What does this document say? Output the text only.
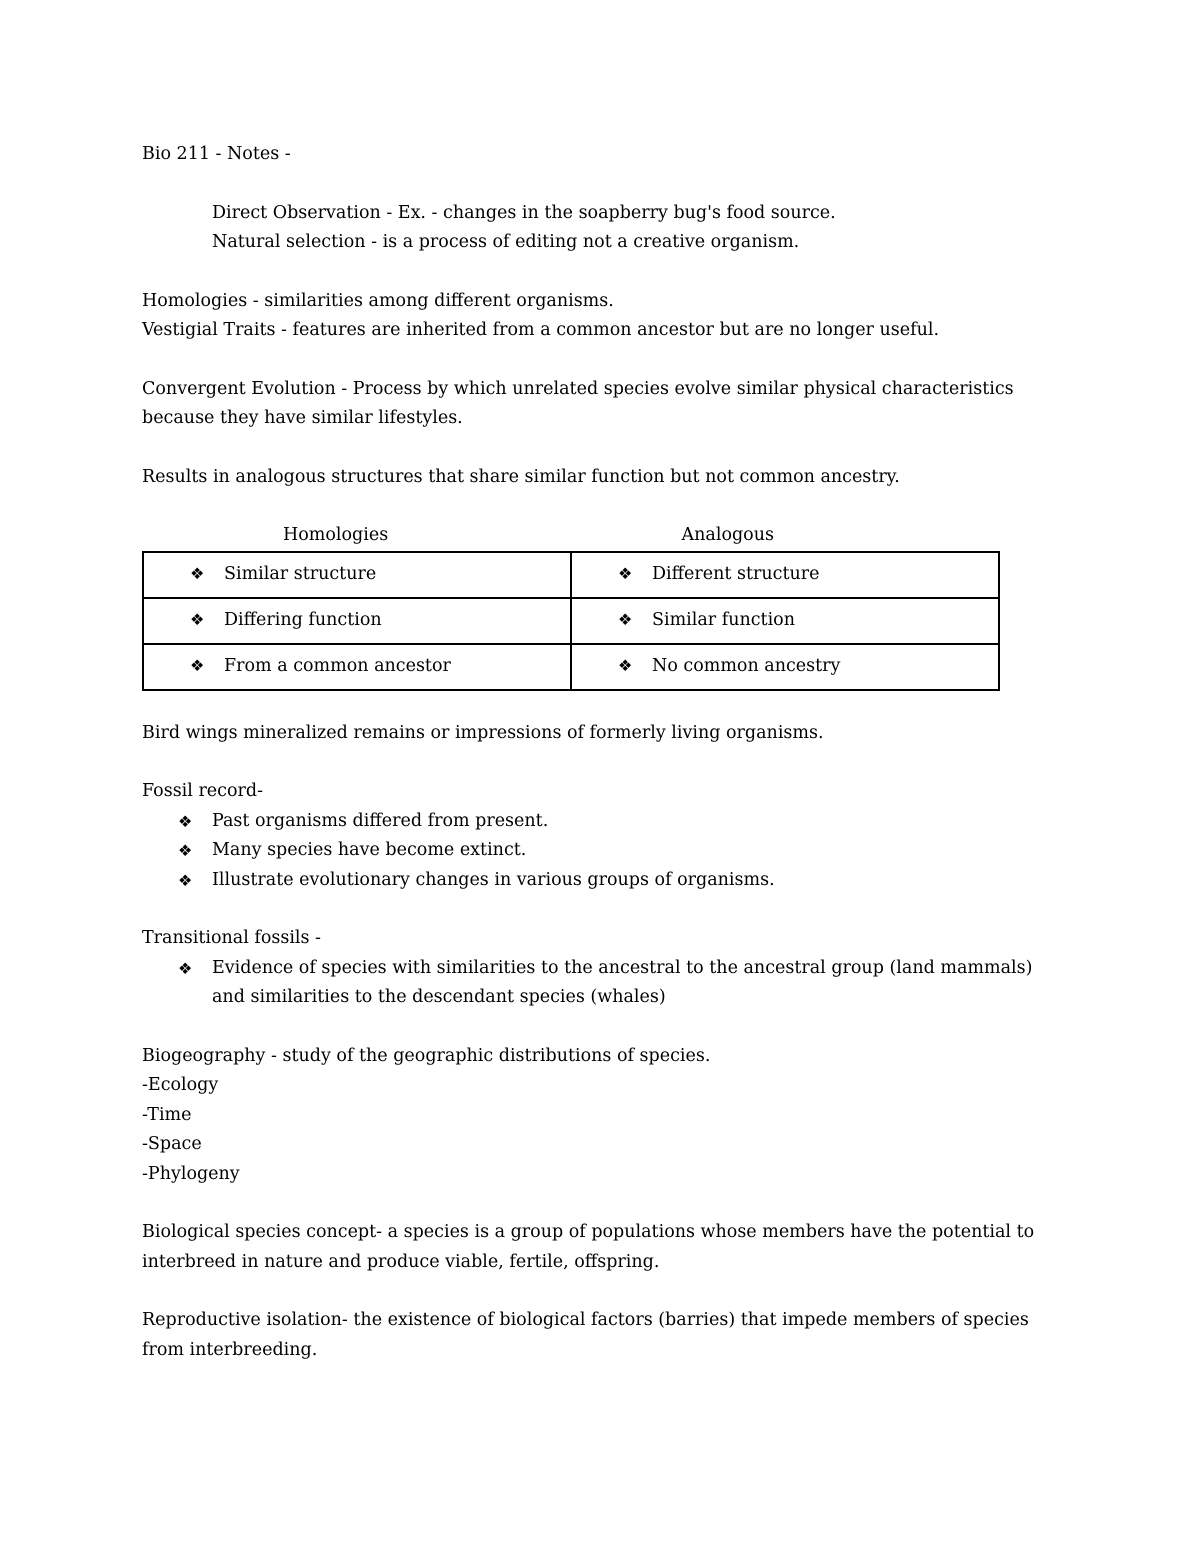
Bio 211 - Notes -
Direct Observation - Ex. - changes in the soapberry bug's food source.
Natural selection - is a process of editing not a creative organism.
Homologies - similarities among different organisms.
Vestigial Traits - features are inherited from a common ancestor but are no longer useful.
Convergent Evolution - Process by which unrelated species evolve similar physical characteristics because they have similar lifestyles.
Results in analogous structures that share similar function but not common ancestry.
Homologies	Analogous
❖ Similar structure	❖ Different structure
❖ Differing function	❖ Similar function
❖ From a common ancestor	❖ No common ancestry
Bird wings mineralized remains or impressions of formerly living organisms.
Fossil record-
❖	Past organisms differed from present.
❖	Many species have become extinct.
❖	Illustrate evolutionary changes in various groups of organisms.
Transitional fossils -
❖	Evidence of species with similarities to the ancestral to the ancestral group (land mammals) and similarities to the descendant species (whales)
Biogeography - study of the geographic distributions of species.
-Ecology
-Time
-Space
-Phylogeny
Biological species concept- a species is a group of populations whose members have the potential to interbreed in nature and produce viable, fertile, offspring.
Reproductive isolation- the existence of biological factors (barries) that impede members of species from interbreeding.
